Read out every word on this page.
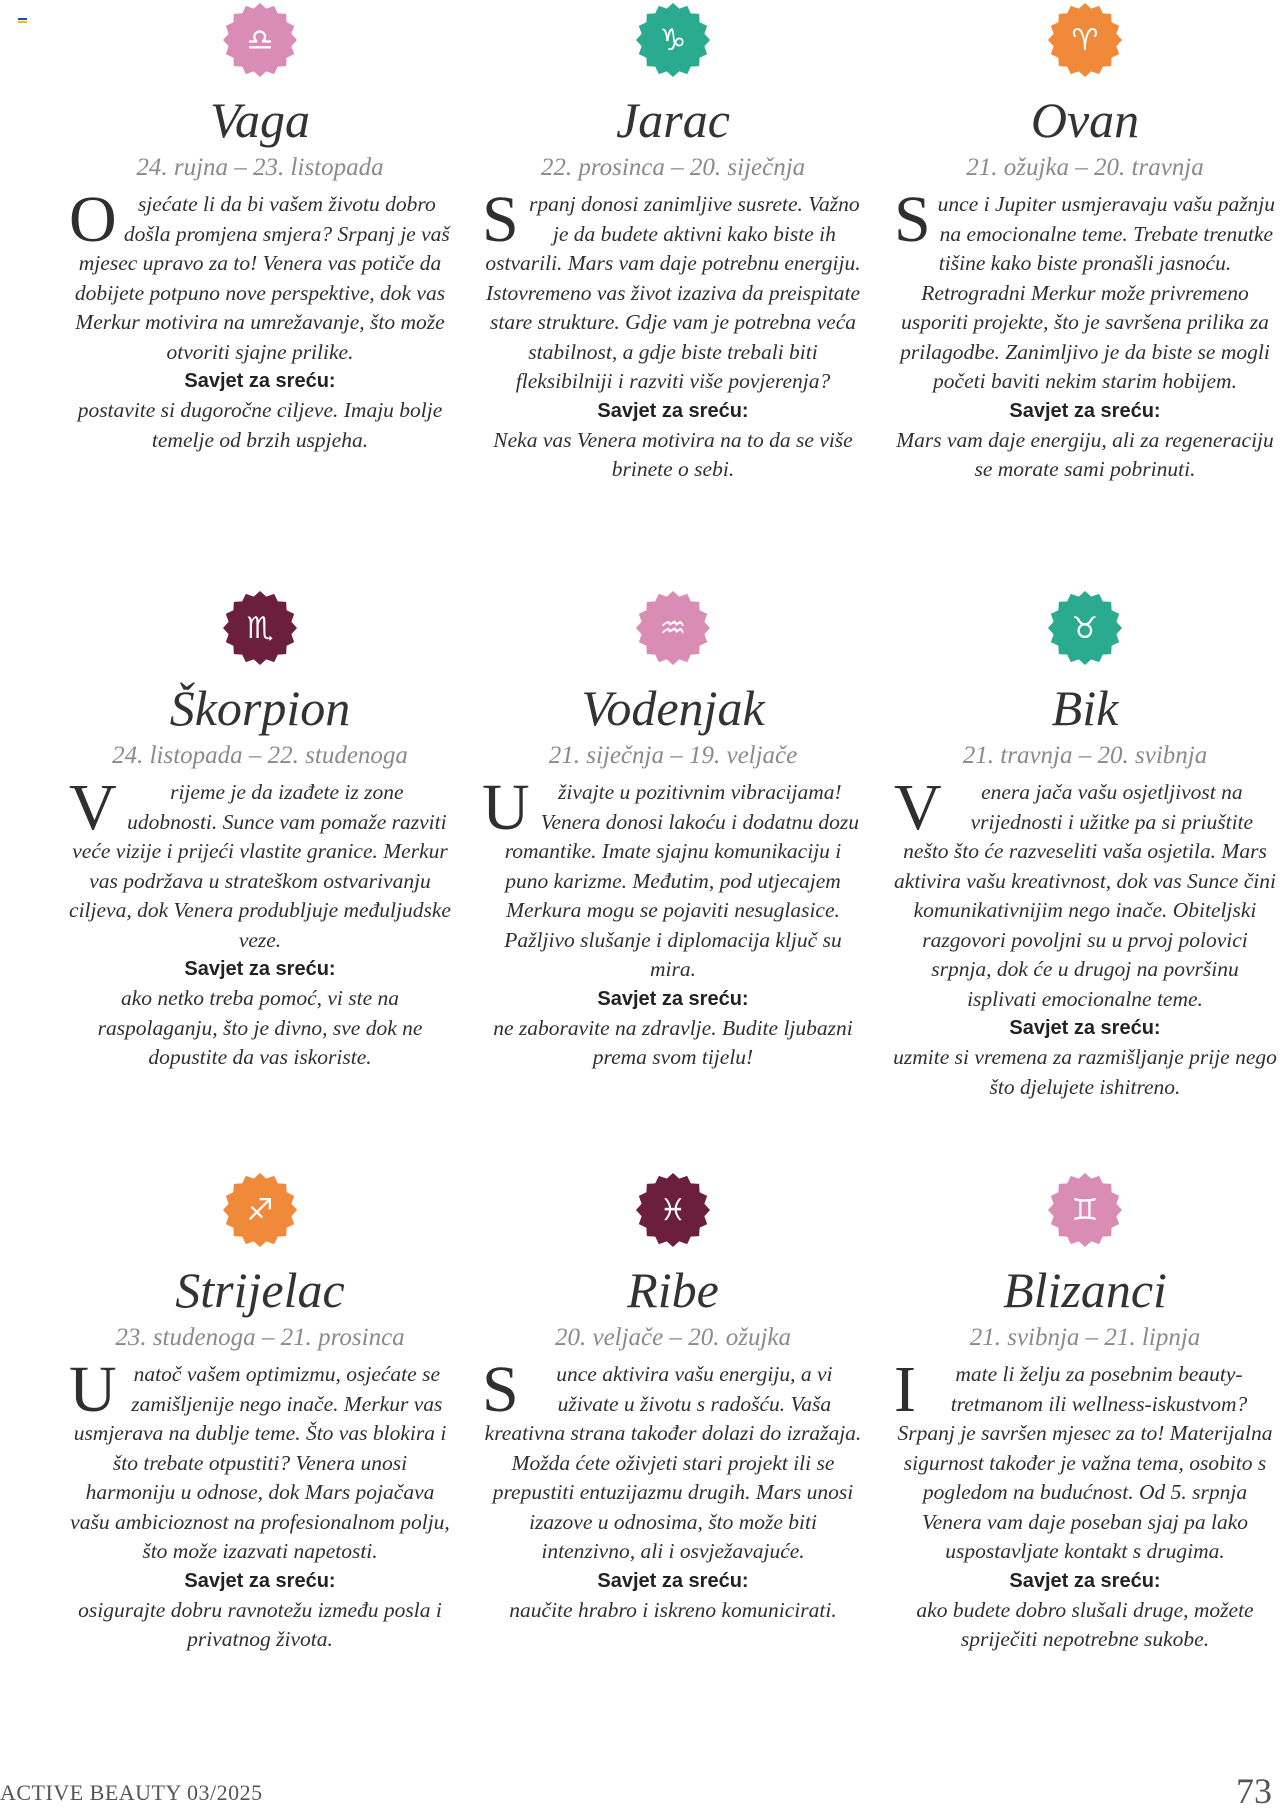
♎
Vaga
24. rujna – 23. listopada
Osjećate li da bi vašem životu dobro došla promjena smjera? Srpanj je vaš mjesec upravo za to! Venera vas potiče da dobijete potpuno nove perspektive, dok vas Merkur motivira na umrežavanje, što može otvoriti sjajne prilike.
Savjet za sreću:
postavite si dugoročne ciljeve. Imaju bolje temelje od brzih uspjeha.
♑
Jarac
22. prosinca – 20. siječnja
Srpanj donosi zanimljive susrete. Važno je da budete aktivni kako biste ih ostvarili. Mars vam daje potrebnu energiju. Istovremeno vas život izaziva da preispitate stare strukture. Gdje vam je potrebna veća stabilnost, a gdje biste trebali biti fleksibilniji i razviti više povjerenja?
Savjet za sreću:
Neka vas Venera motivira na to da se više brinete o sebi.
♈
Ovan
21. ožujka – 20. travnja
Sunce i Jupiter usmjeravaju vašu pažnju na emocionalne teme. Trebate trenutke tišine kako biste pronašli jasnoću. Retrogradni Merkur može privremeno usporiti projekte, što je savršena prilika za prilagodbe. Zanimljivo je da biste se mogli početi baviti nekim starim hobijem.
Savjet za sreću:
Mars vam daje energiju, ali za regeneraciju se morate sami pobrinuti.
♏
Škorpion
24. listopada – 22. studenoga
V rijeme je da izađete iz zone udobnosti. Sunce vam pomaže razviti veće vizije i prijeći vlastite granice. Merkur vas podržava u strateškom ostvarivanju ciljeva, dok Venera produbljuje međuljudske veze.
Savjet za sreću:
ako netko treba pomoć, vi ste na raspolaganju, što je divno, sve dok ne dopustite da vas iskoriste.
♒
Vodenjak
21. siječnja – 19. veljače
U živajte u pozitivnim vibracijama! Venera donosi lakoću i dodatnu dozu romantike. Imate sjajnu komunikaciju i puno karizme. Međutim, pod utjecajem Merkura mogu se pojaviti nesuglasice. Pažljivo slušanje i diplomacija ključ su mira.
Savjet za sreću:
ne zaboravite na zdravlje. Budite ljubazni prema svom tijelu!
♉
Bik
21. travnja – 20. svibnja
V enera jača vašu osjetljivost na vrijednosti i užitke pa si priuštite nešto što će razveseliti vaša osjetila. Mars aktivira vašu kreativnost, dok vas Sunce čini komunikativnijim nego inače. Obiteljski razgovori povoljni su u prvoj polovici srpnja, dok će u drugoj na površinu isplivati emocionalne teme.
Savjet za sreću:
uzmite si vremena za razmišljanje prije nego što djelujete ishitreno.
♐
Strijelac
23. studenoga – 21. prosinca
Unatoč vašem optimizmu, osjećate se zamišljenije nego inače. Merkur vas usmjerava na dublje teme. Što vas blokira i što trebate otpustiti? Venera unosi harmoniju u odnose, dok Mars pojačava vašu ambicioznost na profesionalnom polju, što može izazvati napetosti.
Savjet za sreću:
osigurajte dobru ravnotežu između posla i privatnog života.
♓
Ribe
20. veljače – 20. ožujka
S unce aktivira vašu energiju, a vi uživate u životu s radošću. Vaša kreativna strana također dolazi do izražaja. Možda ćete oživjeti stari projekt ili se prepustiti entuzijazmu drugih. Mars unosi izazove u odnosima, što može biti intenzivno, ali i osvježavajuće.
Savjet za sreću:
naučite hrabro i iskreno komunicirati.
♊
Blizanci
21. svibnja – 21. lipnja
I mate li želju za posebnim beauty-tretmanom ili wellness-iskustvom? Srpanj je savršen mjesec za to! Materijalna sigurnost također je važna tema, osobito s pogledom na budućnost. Od 5. srpnja Venera vam daje poseban sjaj pa lako uspostavljate kontakt s drugima.
Savjet za sreću:
ako budete dobro slušali druge, možete spriječiti nepotrebne sukobe.
ACTIVE BEAUTY 03/2025	73
